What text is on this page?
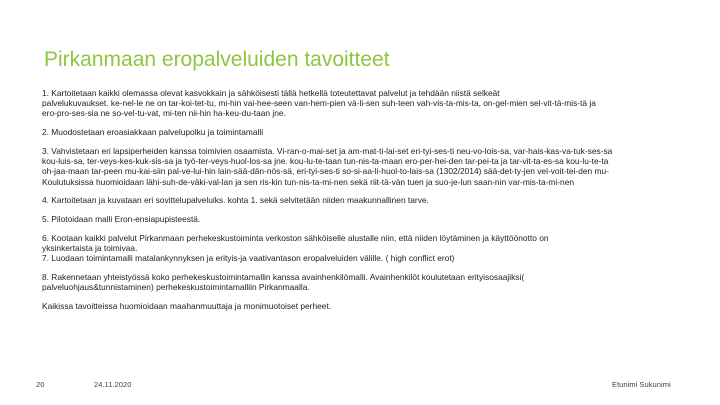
Pirkanmaan eropalveluiden tavoitteet
1. Kartoitetaan kaikki olemassa olevat kasvokkain ja sähköisesti tällä hetkellä toteutettavat palvelut ja tehdään niistä selkeät
palvelukuvaukset. ke-nel-le ne on tar-koi-tet-tu, mi-hin vai-hee-seen van-hem-pien vä-li-sen suh-teen vah-vis-ta-mis-ta, on-gel-mien sel-vit-tä-mis-tä ja
ero-pro-ses-sia ne so-vel-tu-vat, mi-ten nii-hin ha-keu-du-taan jne.
2. Muodostetaan eroasiakkaan palvelupolku ja toimintamalli
3. Vahvistetaan eri lapsiperheiden kanssa toimivien osaamista. Vi-ran-o-mai-set ja am-mat-ti-lai-set eri-tyi-ses-ti neu-vo-lois-sa, var-hais-kas-va-tuk-ses-sa
kou-luis-sa, ter-veys-kes-kuk-sis-sa ja työ-ter-veys-huol-los-sa jne. kou-lu-te-taan tun-nis-ta-maan ero-per-hei-den tar-pei-ta ja tar-vit-ta-es-sa kou-lu-te-ta
oh-jaa-maan tar-peen mu-kai-siin pal-ve-lui-hin lain-sää-dän-nös-sä, eri-tyi-ses-ti so-si-aa-li-huol-to-lais-sa (1302/2014) sää-det-ty-jen vel-voit-tei-den mu-
Koulutuksissa huomioidaan lähi-suh-de-väki-val-lan ja sen ris-kin tun-nis-ta-mi-nen sekä riit-tä-vän tuen ja suo-je-lun saan-nin var-mis-ta-mi-nen
4. Kartoitetaan ja kuvataan eri sovittelupalveluiks. kohta 1. sekä selvitetään niiden maakunnallinen tarve.
5. Pilotoidaan malli Eron-ensiapupisteestä.
6. Kootaan kaikki palvelut Pirkanmaan perhekeskustoiminta verkoston sähköiselle alustalle niin, että niiden löytäminen ja käyttöönotto on
yksinkertaista ja toimivaa.
7. Luodaan toimintamalli matalankynnyksen ja erityis-ja vaativantason eropalveluiden välille. ( high conflict erot)
8. Rakennetaan yhteistyössä koko perhekeskustoimintamallin kanssa avainhenkilömalli. Avainhenkilöt koulutetaan erityisosaajiksi(
palveluohjaus&tunnistaminen) perhekeskustoimintamalliin Pirkanmaalla.
Kaikissa tavoitteissa huomioidaan maahanmuuttaja ja monimuotoiset perheet.
20	24.11.2020	Etunimi Sukunimi
